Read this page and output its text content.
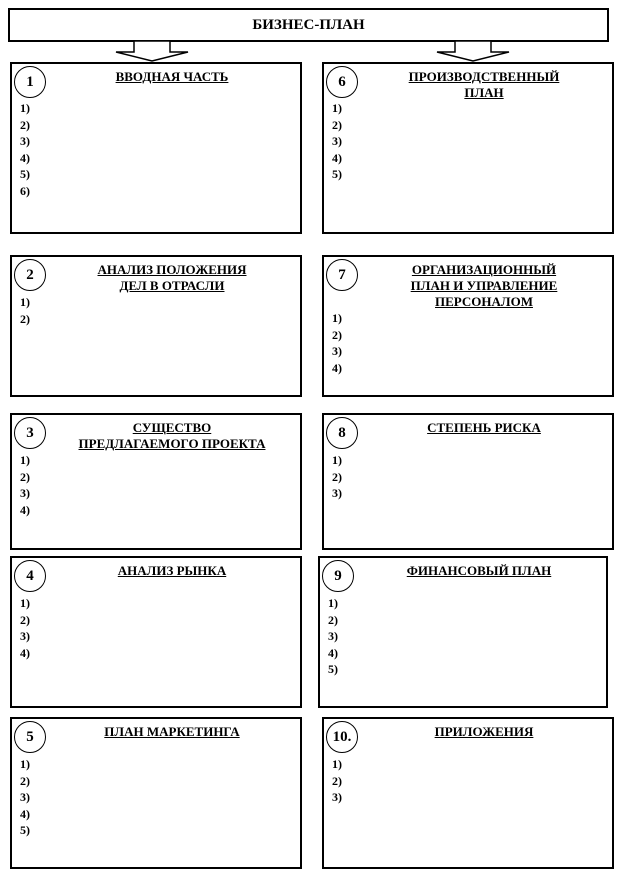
БИЗНЕС-ПЛАН
1	ВВОДНАЯ ЧАСТЬ
1)
2)
3)
4)
5)
6)
6	ПРОИЗВОДСТВЕННЫЙ
ПЛАН
1)
2)
3)
4)
5)
2	АНАЛИЗ ПОЛОЖЕНИЯ
ДЕЛ В ОТРАСЛИ
1)
2)
7	ОРГАНИЗАЦИОННЫЙ
ПЛАН И УПРАВЛЕНИЕ
ПЕРСОНАЛОМ
1)
2)
3)
4)
3	СУЩЕСТВО
ПРЕДЛАГАЕМОГО ПРОЕКТА
1)
2)
3)
4)
8	СТЕПЕНЬ РИСКА
1)
2)
3)
4	АНАЛИЗ РЫНКА
1)
2)
3)
4)
9	ФИНАНСОВЫЙ ПЛАН
1)
2)
3)
4)
5)
5	ПЛАН МАРКЕТИНГА
1)
2)
3)
4)
5)
10.	ПРИЛОЖЕНИЯ
1)
2)
3)
